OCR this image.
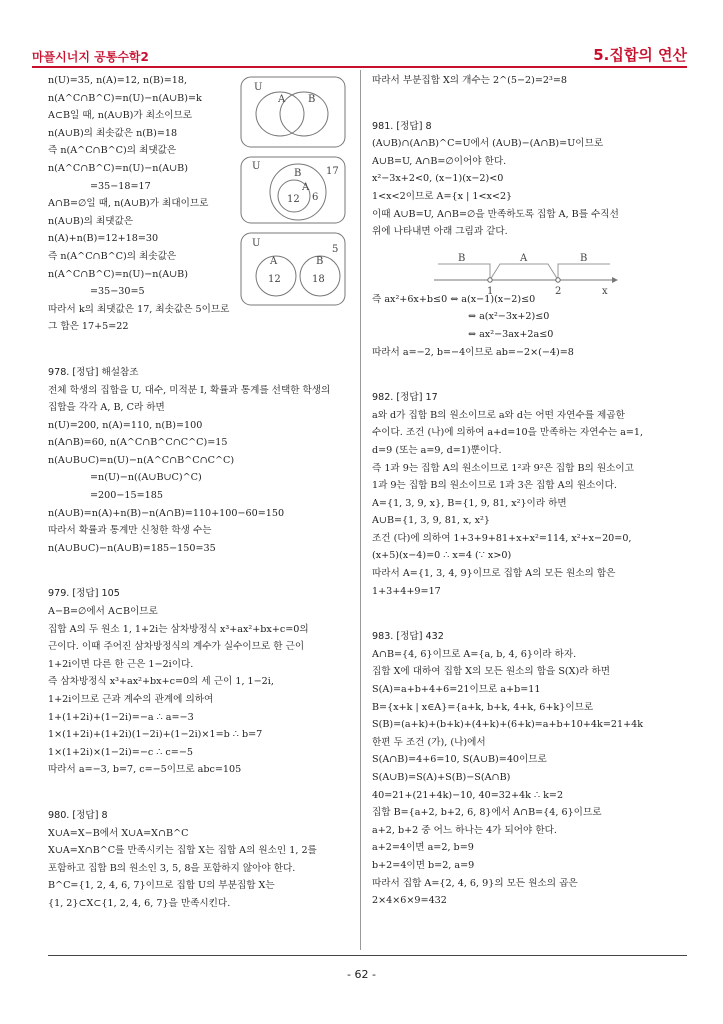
마플시너지 공통수학2	5.집합의 연산
n(U)=35, n(A)=12, n(B)=18,
n(A^C∩B^C)=n(U)−n(A∪B)=k
A⊂B일 때, n(A∪B)가 최소이므로
n(A∪B)의 최솟값은 n(B)=18
즉 n(A^C∩B^C)의 최댓값은
n(A^C∩B^C)=n(U)−n(A∪B)
=35−18=17
A∩B=∅일 때, n(A∪B)가 최대이므로
n(A∪B)의 최댓값은
n(A)+n(B)=12+18=30
즉 n(A^C∩B^C)의 최솟값은
n(A^C∩B^C)=n(U)−n(A∪B)
=35−30=5
따라서 k의 최댓값은 17, 최솟값은 5이므로
그 합은 17+5=22
978. [정답] 해설참조
전체 학생의 집합을 U, 대수, 미적분 I, 확률과 통계를 선택한 학생의
집합을 각각 A, B, C라 하면
n(U)=200, n(A)=110, n(B)=100
n(A∩B)=60, n(A^C∩B^C∩C^C)=15
n(A∪B∪C)=n(U)−n(A^C∩B^C∩C^C)
=n(U)−n((A∪B∪C)^C)
=200−15=185
n(A∪B)=n(A)+n(B)−n(A∩B)=110+100−60=150
따라서 확률과 통계만 신청한 학생 수는
n(A∪B∪C)−n(A∪B)=185−150=35
979. [정답] 105
A−B=∅에서 A⊂B이므로
집합 A의 두 원소 1, 1+2i는 삼차방정식 x³+ax²+bx+c=0의
근이다. 이때 주어진 삼차방정식의 계수가 실수이므로 한 근이
1+2i이면 다른 한 근은 1−2i이다.
즉 삼차방정식 x³+ax²+bx+c=0의 세 근이 1, 1−2i,
1+2i이므로 근과 계수의 관계에 의하여
1+(1+2i)+(1−2i)=−a ∴ a=−3
1×(1+2i)+(1+2i)(1−2i)+(1−2i)×1=b ∴ b=7
1×(1+2i)×(1−2i)=−c ∴ c=−5
따라서 a=−3, b=7, c=−5이므로 abc=105
980. [정답] 8
X∪A=X−B에서 X∪A=X∩B^C
X∪A=X∩B^C를 만족시키는 집합 X는 집합 A의 원소인 1, 2를
포함하고 집합 B의 원소인 3, 5, 8을 포함하지 않아야 한다.
B^C={1, 2, 4, 6, 7}이므로 집합 U의 부분집합 X는
{1, 2}⊂X⊂{1, 2, 4, 6, 7}을 만족시킨다.
U
A B
U
B 17
A
6
12
U
5
A	B
12	18
따라서 부분집합 X의 개수는 2^(5−2)=2³=8
981. [정답] 8
(A∪B)∩(A∩B)^C=U에서 (A∪B)−(A∩B)=U이므로
A∪B=U, A∩B=∅이어야 한다.
x²−3x+2<0, (x−1)(x−2)<0
1<x<2이므로 A={x | 1<x<2}
이때 A∪B=U, A∩B=∅을 만족하도록 집합 A, B를 수직선
위에 나타내면 아래 그림과 같다.
즉 ax²+6x+b≤0 ⇔ a(x−1)(x−2)≤0
⇔ a(x²−3x+2)≤0
⇔ ax²−3ax+2a≤0
따라서 a=−2, b=−4이므로 ab=−2×(−4)=8
982. [정답] 17
a와 d가 집합 B의 원소이므로 a와 d는 어떤 자연수를 제곱한
수이다. 조건 (나)에 의하여 a+d=10을 만족하는 자연수는 a=1,
d=9 (또는 a=9, d=1)뿐이다.
즉 1과 9는 집합 A의 원소이므로 1²과 9²은 집합 B의 원소이고
1과 9는 집합 B의 원소이므로 1과 3은 집합 A의 원소이다.
A={1, 3, 9, x}, B={1, 9, 81, x²}이라 하면
A∪B={1, 3, 9, 81, x, x²}
조건 (다)에 의하여 1+3+9+81+x+x²=114, x²+x−20=0,
(x+5)(x−4)=0 ∴ x=4 (∵ x>0)
따라서 A={1, 3, 4, 9}이므로 집합 A의 모든 원소의 합은
1+3+4+9=17
983. [정답] 432
A∩B={4, 6}이므로 A={a, b, 4, 6}이라 하자.
집합 X에 대하여 집합 X의 모든 원소의 합을 S(X)라 하면
S(A)=a+b+4+6=21이므로 a+b=11
B={x+k | x∈A}={a+k, b+k, 4+k, 6+k}이므로
S(B)=(a+k)+(b+k)+(4+k)+(6+k)=a+b+10+4k=21+4k
한편 두 조건 (가), (나)에서
S(A∩B)=4+6=10, S(A∪B)=40이므로
S(A∪B)=S(A)+S(B)−S(A∩B)
40=21+(21+4k)−10, 40=32+4k ∴ k=2
집합 B={a+2, b+2, 6, 8}에서 A∩B={4, 6}이므로
a+2, b+2 중 어느 하나는 4가 되어야 한다.
a+2=4이면 a=2, b=9
b+2=4이면 b=2, a=9
따라서 집합 A={2, 4, 6, 9}의 모든 원소의 곱은
2×4×6×9=432
B	A	B
1	2	x
- 62 -
